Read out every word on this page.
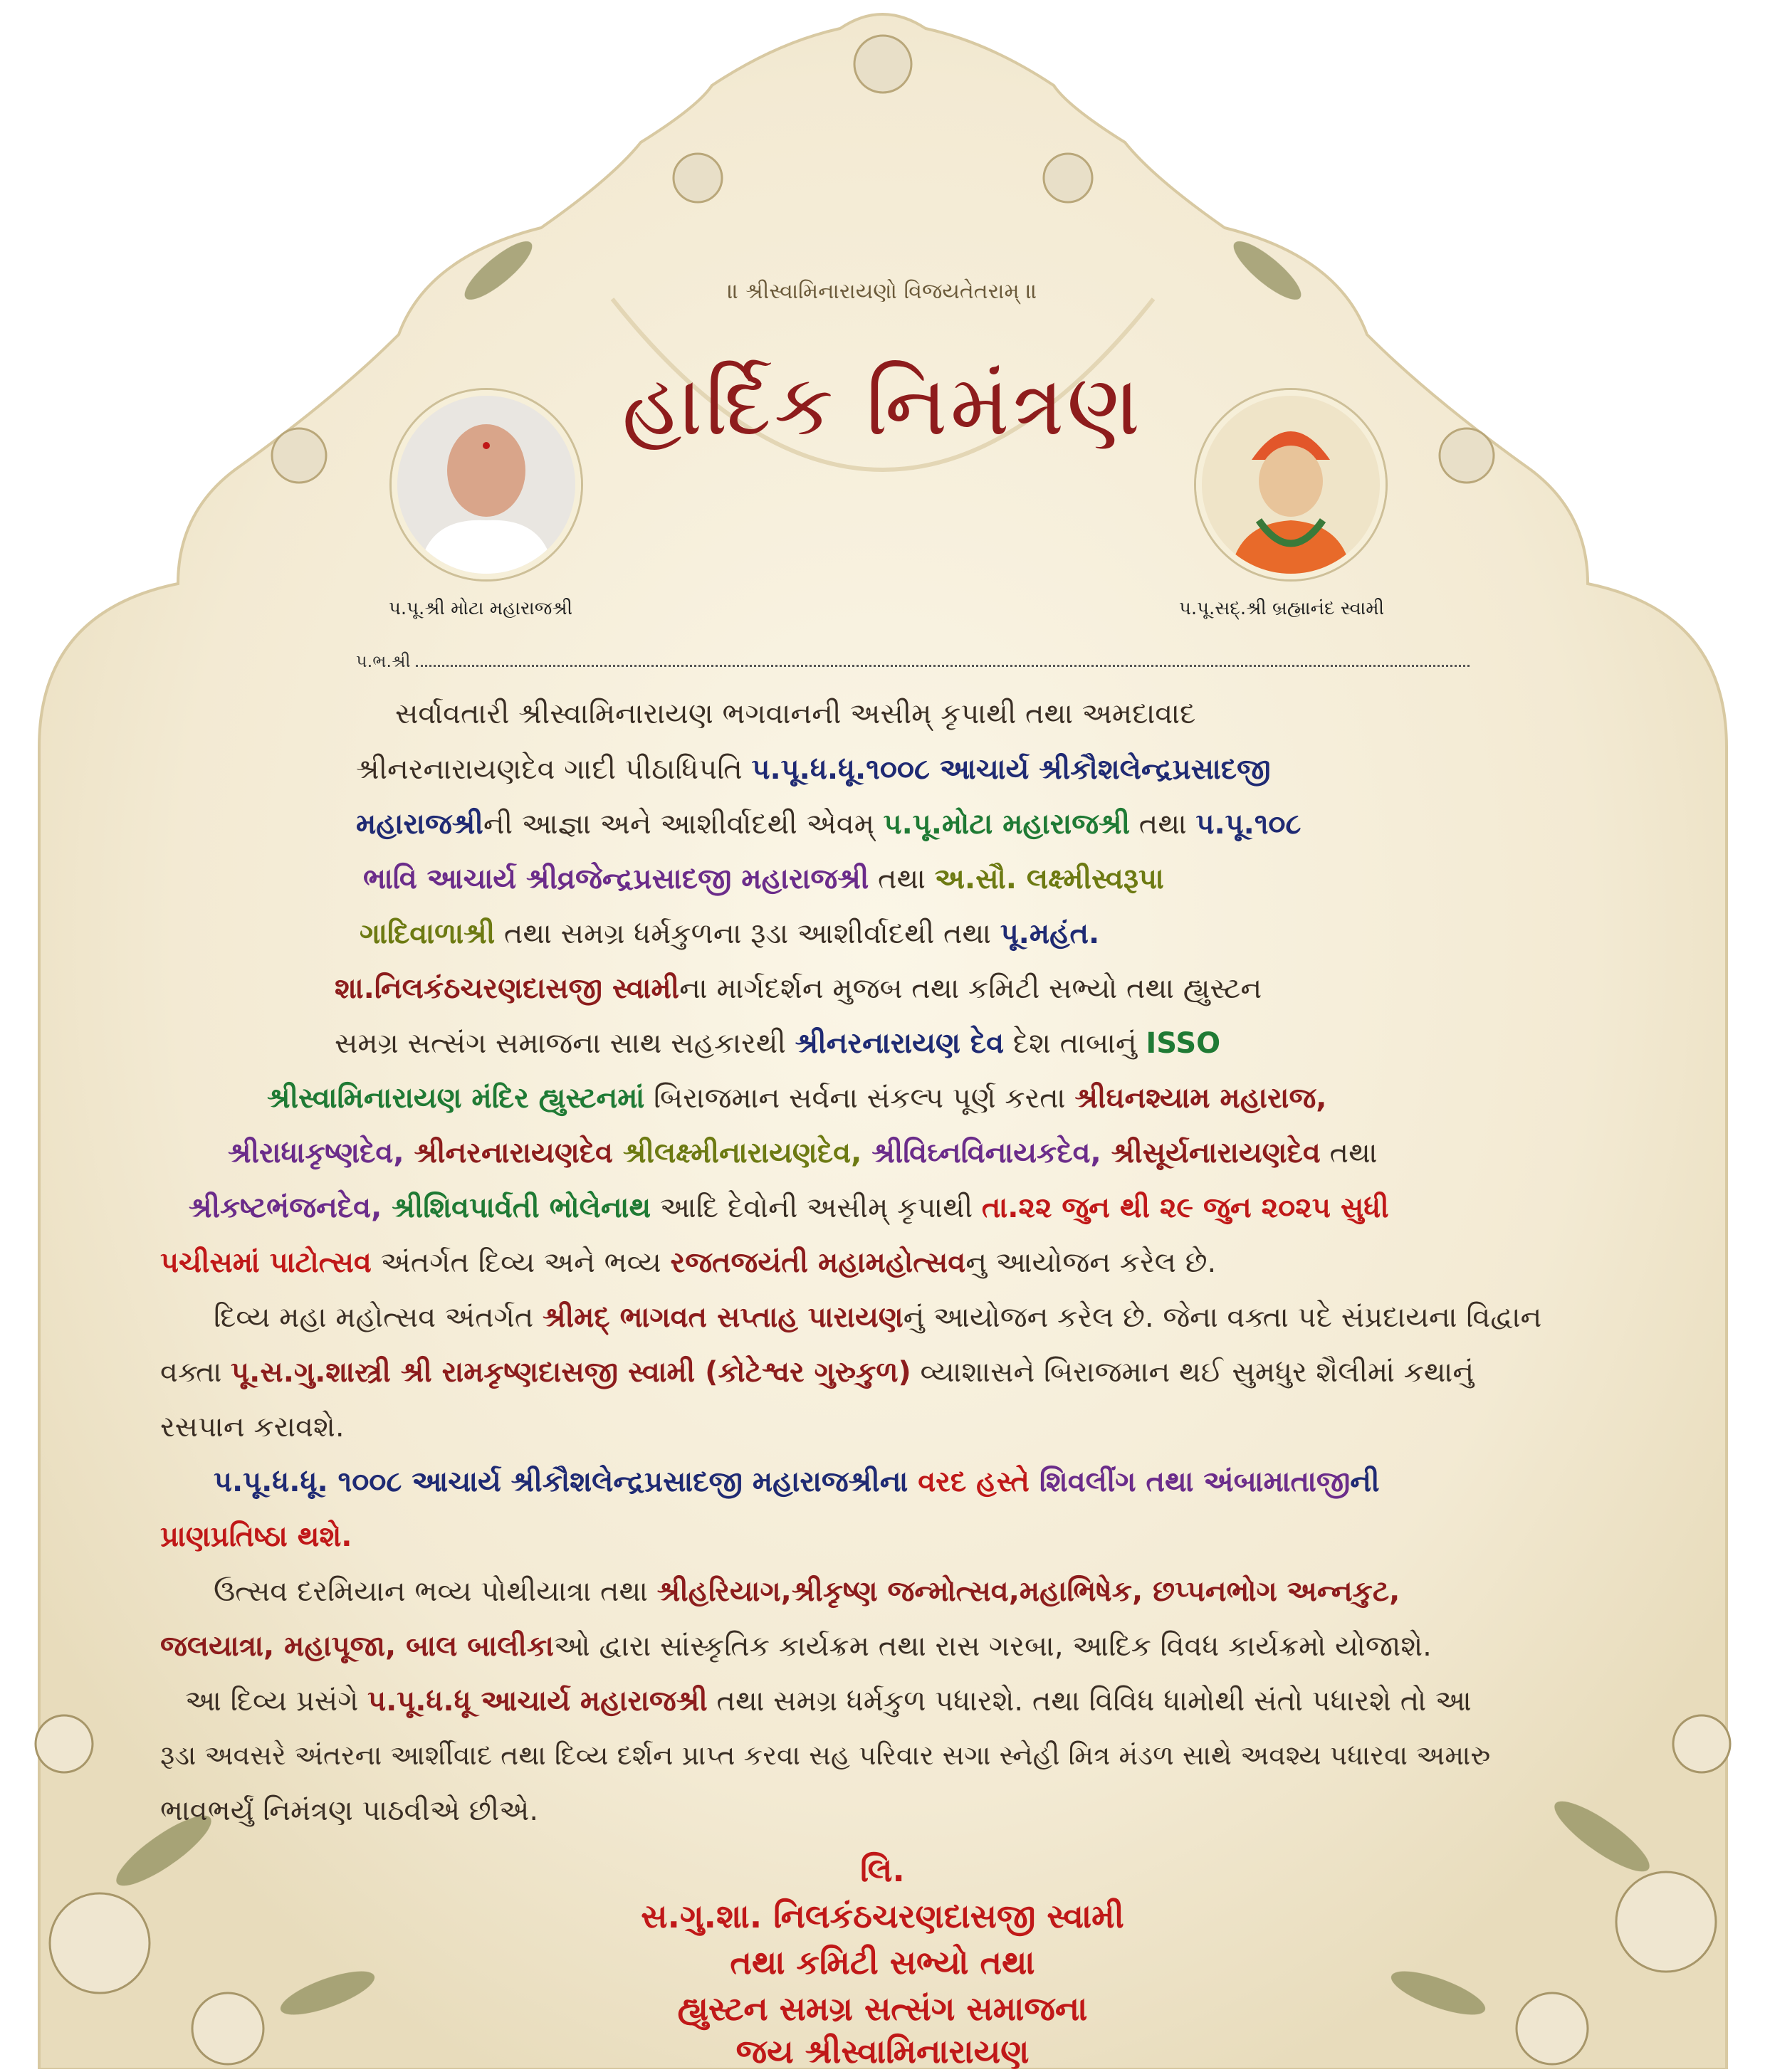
॥ શ્રીસ્વામિનારાયણો વિજયતેતરામ્ ॥
હાર્દિક નિમંત્રણ
પ.પૂ.શ્રી મોટા મહારાજશ્રી	પ.પૂ.સદ્.શ્રી બ્રહ્માનંદ સ્વામી
પ.ભ.શ્રી
સર્વાવતારી શ્રીસ્વામિનારાયણ ભગવાનની અસીમ્ કૃપાથી તથા અમદાવાદ
શ્રીનરનારાયણદેવ ગાદી પીઠાધિપતિ પ.પૂ.ધ.ધૂ.૧૦૦૮ આચાર્ય શ્રીકૌશલેન્દ્રપ્રસાદજી
મહારાજશ્રીની આજ્ઞા અને આશીર્વાદથી એવમ્ પ.પૂ.મોટા મહારાજશ્રી તથા પ.પૂ.૧૦૮
ભાવિ આચાર્ય શ્રીવ્રજેન્દ્રપ્રસાદજી મહારાજશ્રી તથા અ.સૌ. લક્ષ્મીસ્વરૂપા
ગાદિવાળાશ્રી તથા સમગ્ર ધર્મકુળના રૂડા આશીર્વાદથી તથા પૂ.મહંત.
શા.નિલકંઠચરણદાસજી સ્વામીના માર્ગદર્શન મુજબ તથા કમિટી સભ્યો તથા હ્યુસ્ટન
સમગ્ર સત્સંગ સમાજના સાથ સહકારથી શ્રીનરનારાયણ દેવ દેશ તાબાનું ISSO
શ્રીસ્વામિનારાયણ મંદિર હ્યુસ્ટનમાં બિરાજમાન સર્વના સંકલ્પ પૂર્ણ કરતા શ્રીઘનશ્યામ મહારાજ,
શ્રીરાધાકૃષ્ણદેવ, શ્રીનરનારાયણદેવ શ્રીલક્ષ્મીનારાયણદેવ, શ્રીવિઘ્નવિનાયકદેવ, શ્રીસૂર્યનારાયણદેવ તથા
શ્રીકષ્ટભંજનદેવ, શ્રીશિવપાર્વતી ભોલેનાથ આદિ દેવોની અસીમ્ કૃપાથી તા.૨૨ જુન થી ૨૯ જુન ૨૦૨૫ સુધી
પચીસમાં પાટોત્સવ અંતર્ગત દિવ્ય અને ભવ્ય રજતજયંતી મહામહોત્સવનુ આયોજન કરેલ છે.
દિવ્ય મહા મહોત્સવ અંતર્ગત શ્રીમદ્ ભાગવત સપ્તાહ પારાયણનું આયોજન કરેલ છે. જેના વક્તા પદે સંપ્રદાયના વિદ્વાન
વક્તા પૂ.સ.ગુ.શાસ્ત્રી શ્રી રામકૃષ્ણદાસજી સ્વામી (કોટેશ્વર ગુરુકુળ) વ્યાશાસને બિરાજમાન થઈ સુમધુર શૈલીમાં કથાનું
રસપાન કરાવશે.
પ.પૂ.ધ.ધૂ. ૧૦૦૮ આચાર્ય શ્રીકૌશલેન્દ્રપ્રસાદજી મહારાજશ્રીના વરદ હસ્તે શિવલીંગ તથા અંબામાતાજીની
પ્રાણપ્રતિષ્ઠા થશે.
ઉત્સવ દરમિયાન ભવ્ય પોથીયાત્રા તથા શ્રીહરિયાગ,શ્રીકૃષ્ણ જન્મોત્સવ,મહાભિષેક, છપ્પનભોગ અન્નકુટ,
જલયાત્રા, મહાપૂજા, બાલ બાલીકાઓ દ્વારા સાંસ્કૃતિક કાર્યક્રમ તથા રાસ ગરબા, આદિક વિવધ કાર્યક્રમો યોજાશે.
આ દિવ્ય પ્રસંગે પ.પૂ.ધ.ધૂ આચાર્ય મહારાજશ્રી તથા સમગ્ર ધર્મકુળ પધારશે. તથા વિવિધ ધામોથી સંતો પધારશે તો આ
રૂડા અવસરે અંતરના આર્શીવાદ તથા દિવ્ય દર્શન પ્રાપ્ત કરવા સહ પરિવાર સગા સ્નેહી મિત્ર મંડળ સાથે અવશ્ય પધારવા અમારુ
ભાવભર્યું નિમંત્રણ પાઠવીએ છીએ.
લિ.
સ.ગુ.શા. નિલકંઠચરણદાસજી સ્વામી
તથા કમિટી સભ્યો તથા
હ્યુસ્ટન સમગ્ર સત્સંગ સમાજના
જય શ્રીસ્વામિનારાયણ
